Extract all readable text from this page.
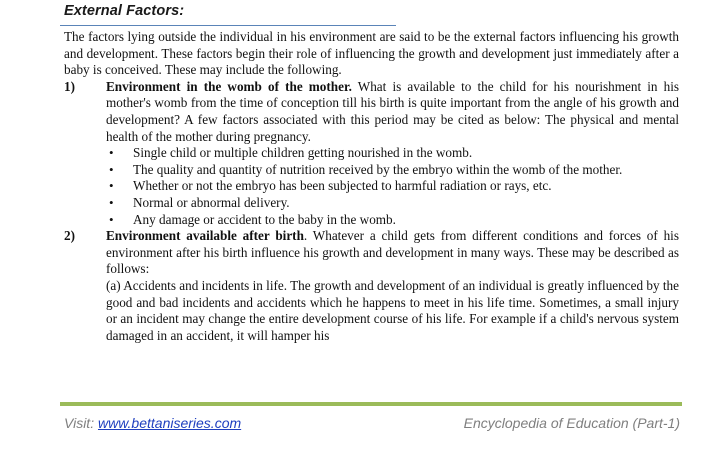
External Factors:

The factors lying outside the individual in his environment are said to be the external factors influencing his growth and development. These factors begin their role of influencing the growth and development just immediately after a baby is conceived. These may include the following.

1) Environment in the womb of the mother. What is available to the child for his nourishment in his mother's womb from the time of conception till his birth is quite important from the angle of his growth and development? A few factors associated with this period may be cited as below: The physical and mental health of the mother during pregnancy.
• Single child or multiple children getting nourished in the womb.
• The quality and quantity of nutrition received by the embryo within the womb of the mother.
• Whether or not the embryo has been subjected to harmful radiation or rays, etc.
• Normal or abnormal delivery.
• Any damage or accident to the baby in the womb.
2) Environment available after birth. Whatever a child gets from different conditions and forces of his environment after his birth influence his growth and development in many ways. These may be described as follows:
(a) Accidents and incidents in life. The growth and development of an individual is greatly influenced by the good and bad incidents and accidents which he happens to meet in his life time. Sometimes, a small injury or an incident may change the entire development course of his life. For example if a child's nervous system damaged in an accident, it will hamper his
Visit: www.bettaniseries.com	Encyclopedia of Education (Part-1)
